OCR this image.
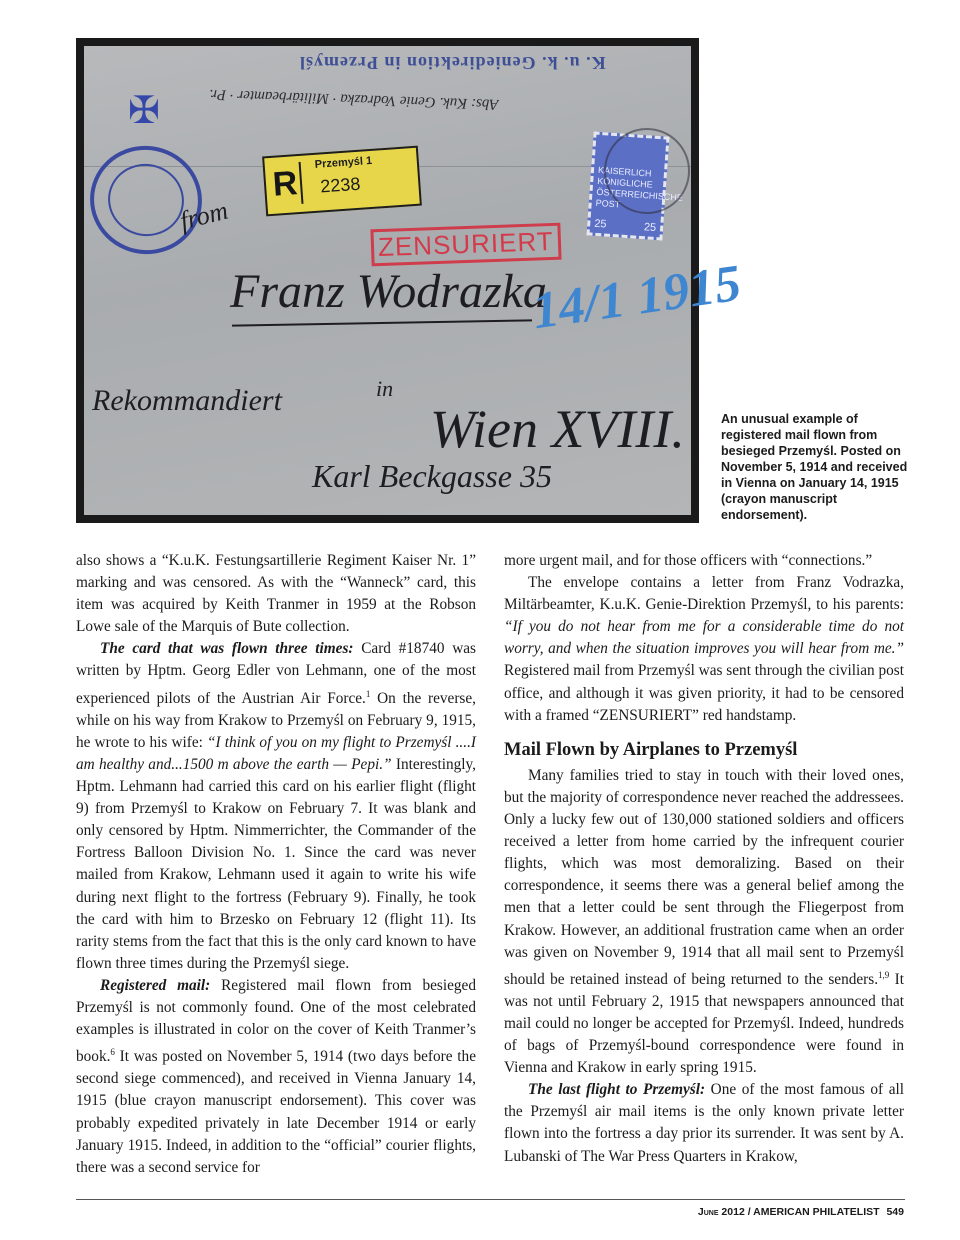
K. u. k. Geniedirektion in Przemyśl
Abs: Kuk. Genie Vodrazka · Militärbeamter · Pr.
✠
R
Przemyśl 1
2238
ZENSURIERT
KAISERLICH KÖNIGLICHE ÖSTERREICHISCHE POST
25	25
from
Franz Wodrazka
14/1 1915
Rekommandiert	in
Wien XVIII.
Karl Beckgasse 35
An unusual example of registered mail flown from besieged Przemyśl. Posted on November 5, 1914 and received in Vienna on January 14, 1915 (crayon manuscript endorsement).

also shows a “K.u.K. Festungsartillerie Regiment Kaiser Nr. 1” marking and was censored. As with the “Wanneck” card, this item was acquired by Keith Tranmer in 1959 at the Robson Lowe sale of the Marquis of Bute collection.

The card that was flown three times: Card #18740 was written by Hptm. Georg Edler von Lehmann, one of the most experienced pilots of the Austrian Air Force.$^1$ On the reverse, while on his way from Krakow to Przemyśl on February 9, 1915, he wrote to his wife: “I think of you on my flight to Przemyśl ....I am healthy and...1500 m above the earth — Pepi.” Interestingly, Hptm. Lehmann had carried this card on his earlier flight (flight 9) from Przemyśl to Krakow on February 7. It was blank and only censored by Hptm. Nimmerrichter, the Commander of the Fortress Balloon Division No. 1. Since the card was never mailed from Krakow, Lehmann used it again to write his wife during next flight to the fortress (February 9). Finally, he took the card with him to Brzesko on February 12 (flight 11). Its rarity stems from the fact that this is the only card known to have flown three times during the Przemyśl siege.

Registered mail: Registered mail flown from besieged Przemyśl is not commonly found. One of the most celebrated examples is illustrated in color on the cover of Keith Tranmer’s book.$^6$ It was posted on November 5, 1914 (two days before the second siege commenced), and received in Vienna January 14, 1915 (blue crayon manuscript endorsement). This cover was probably expedited privately in late December 1914 or early January 1915. Indeed, in addition to the “official” courier flights, there was a second service for

more urgent mail, and for those officers with “connections.”

The envelope contains a letter from Franz Vodrazka, Miltärbeamter, K.u.K. Genie-Direktion Przemyśl, to his parents: “If you do not hear from me for a considerable time do not worry, and when the situation improves you will hear from me.” Registered mail from Przemyśl was sent through the civilian post office, and although it was given priority, it had to be censored with a framed “ZENSURIERT” red handstamp.

Mail Flown by Airplanes to Przemyśl

Many families tried to stay in touch with their loved ones, but the majority of correspondence never reached the addressees. Only a lucky few out of 130,000 stationed soldiers and officers received a letter from home carried by the infrequent courier flights, which was most demoralizing. Based on their correspondence, it seems there was a general belief among the men that a letter could be sent through the Fliegerpost from Krakow. However, an additional frustration came when an order was given on November 9, 1914 that all mail sent to Przemyśl should be retained instead of being returned to the senders.$^{1,9}$ It was not until February 2, 1915 that newspapers announced that mail could no longer be accepted for Przemyśl. Indeed, hundreds of bags of Przemyśl-bound correspondence were found in Vienna and Krakow in early spring 1915.

The last flight to Przemyśl: One of the most famous of all the Przemyśl air mail items is the only known private letter flown into the fortress a day prior its surrender. It was sent by A. Lubanski of The War Press Quarters in Krakow,

June 2012 / AMERICAN PHILATELIST 549
